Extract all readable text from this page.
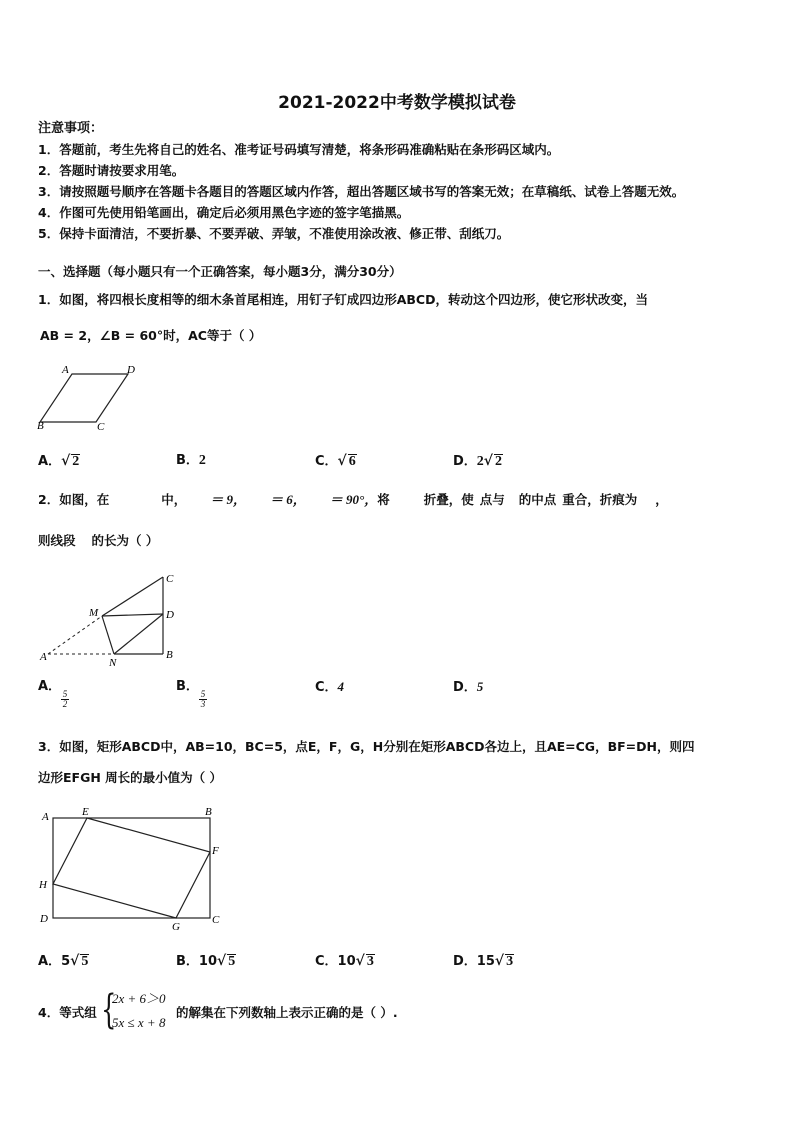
2021-2022中考数学模拟试卷
注意事项：
1．答题前，考生先将自己的姓名、准考证号码填写清楚，将条形码准确粘贴在条形码区域内。
2．答题时请按要求用笔。
3．请按照题号顺序在答题卡各题目的答题区域内作答，超出答题区域书写的答案无效；在草稿纸、试卷上答题无效。
4．作图可先使用铅笔画出，确定后必须用黑色字迹的签字笔描黑。
5．保持卡面清洁，不要折暴、不要弄破、弄皱，不准使用涂改液、修正带、刮纸刀。
一、选择题（每小题只有一个正确答案，每小题3分，满分30分）
1．如图，将四根长度相等的细木条首尾相连，用钉子钉成四边形ABCD，转动这个四边形，使它形状改变，当
AB = 2，∠B = 60°时，AC等于（ ）
A	D
B	C
A．√ 2	B．2	C．√ 6	D．2√ 2
2．如图，在	中， ＝ 9， ＝ 6， ＝ 90°，将	折叠，使 点与 的中点 重合，折痕为 ，
则线段 的长为（ ）
C
M	D
A	N
B
A．
$\frac{5}{2}$
B．
$\frac{5}{3}$
C．4	D．5
3．如图，矩形ABCD中，AB=10，BC=5，点E，F，G，H分别在矩形ABCD各边上，且AE=CG，BF=DH，则四
边形EFGH 周长的最小值为（ ）
A	E	B
F
H
D
G
C
A．5√ 5	B．10√ 5	C．10√ 3	D．15√ 3
4．等式组 {
2x + 6＞0
5x ≤ x + 8
的解集在下列数轴上表示正确的是（ ）.
